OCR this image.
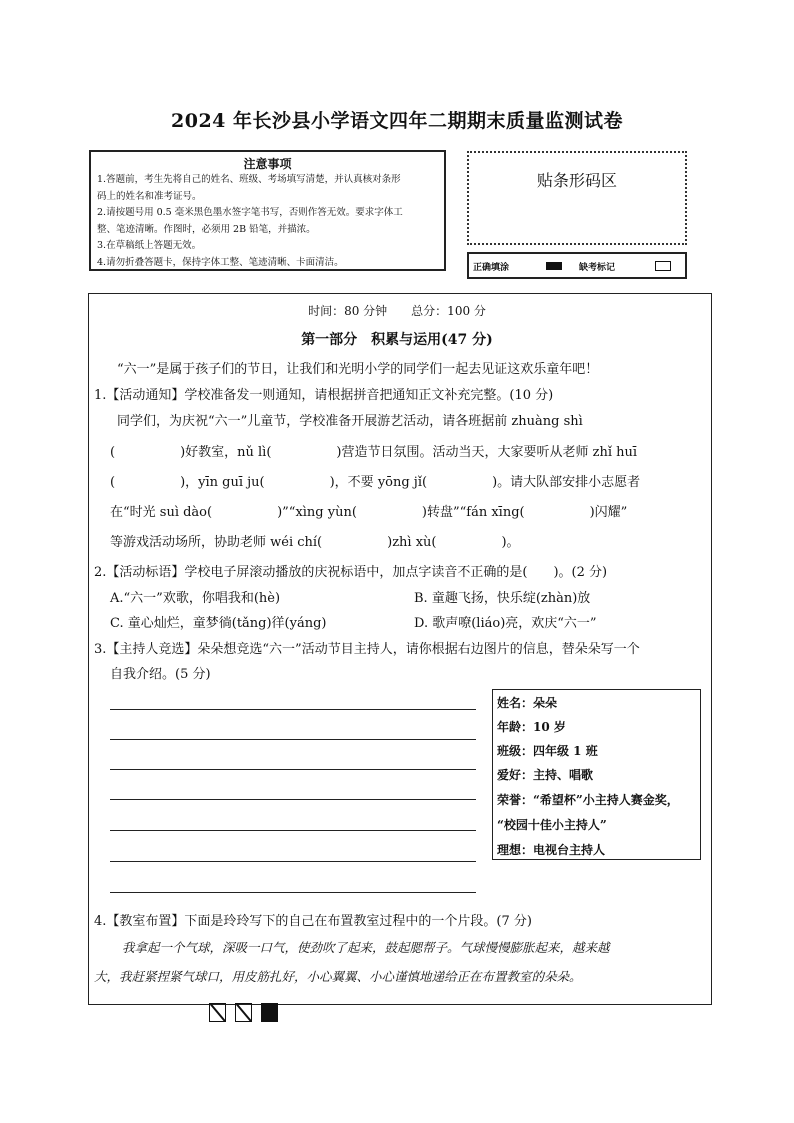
2024 年长沙县小学语文四年二期期末质量监测试卷
注意事项
1.答题前，考生先将自己的姓名、班级、考场填写清楚，并认真核对条形
码上的姓名和准考证号。
2.请按题号用 0.5 毫米黑色墨水签字笔书写，否则作答无效。要求字体工
整、笔迹清晰。作图时，必须用 2B 铅笔，并描浓。
3.在草稿纸上答题无效。
4.请勿折叠答题卡，保持字体工整、笔迹清晰、卡面清洁。
贴条形码区
正确填涂	缺考标记
时间：80 分钟　　总分：100 分
第一部分　积累与运用(47 分)
“六一”是属于孩子们的节日，让我们和光明小学的同学们一起去见证这欢乐童年吧！
1.【活动通知】学校准备发一则通知，请根据拼音把通知正文补充完整。(10 分)
同学们，为庆祝“六一”儿童节，学校准备开展游艺活动，请各班据前 zhuàng shì
(　　　　　)好教室，nǔ lì(　　　　　)营造节日氛围。活动当天，大家要听从老师 zhǐ huī
(　　　　　)，yīn guī ju(　　　　　)，不要 yōng jǐ(　　　　　)。请大队部安排小志愿者
在“时光 suì dào(　　　　　)”“xìng yùn(　　　　　)转盘”“fán xīng(　　　　　)闪耀”
等游戏活动场所，协助老师 wéi chí(　　　　　)zhì xù(　　　　　)。
2.【活动标语】学校电子屏滚动播放的庆祝标语中，加点字读音不正确的是(　　)。(2 分)
A.“六一”欢歌，你唱我和(hè)	B. 童趣飞扬，快乐绽(zhàn)放
C. 童心灿烂，童梦徜(tǎng)徉(yáng)	D. 歌声嘹(liáo)亮，欢庆“六一”
3.【主持人竞选】朵朵想竞选“六一”活动节目主持人，请你根据右边图片的信息，替朵朵写一个
自我介绍。(5 分)
姓名：朵朵
年龄：10 岁
班级：四年级 1 班
爱好：主持、唱歌
荣誉：“希望杯”小主持人赛金奖，
“校园十佳小主持人”
理想：电视台主持人
4.【教室布置】下面是玲玲写下的自己在布置教室过程中的一个片段。(7 分)
我拿起一个气球，深吸一口气，使劲吹了起来，鼓起腮帮子。气球慢慢膨胀起来，越来越
大，我赶紧捏紧气球口，用皮筋扎好，小心翼翼、小心谨慎地递给正在布置教室的朵朵。
